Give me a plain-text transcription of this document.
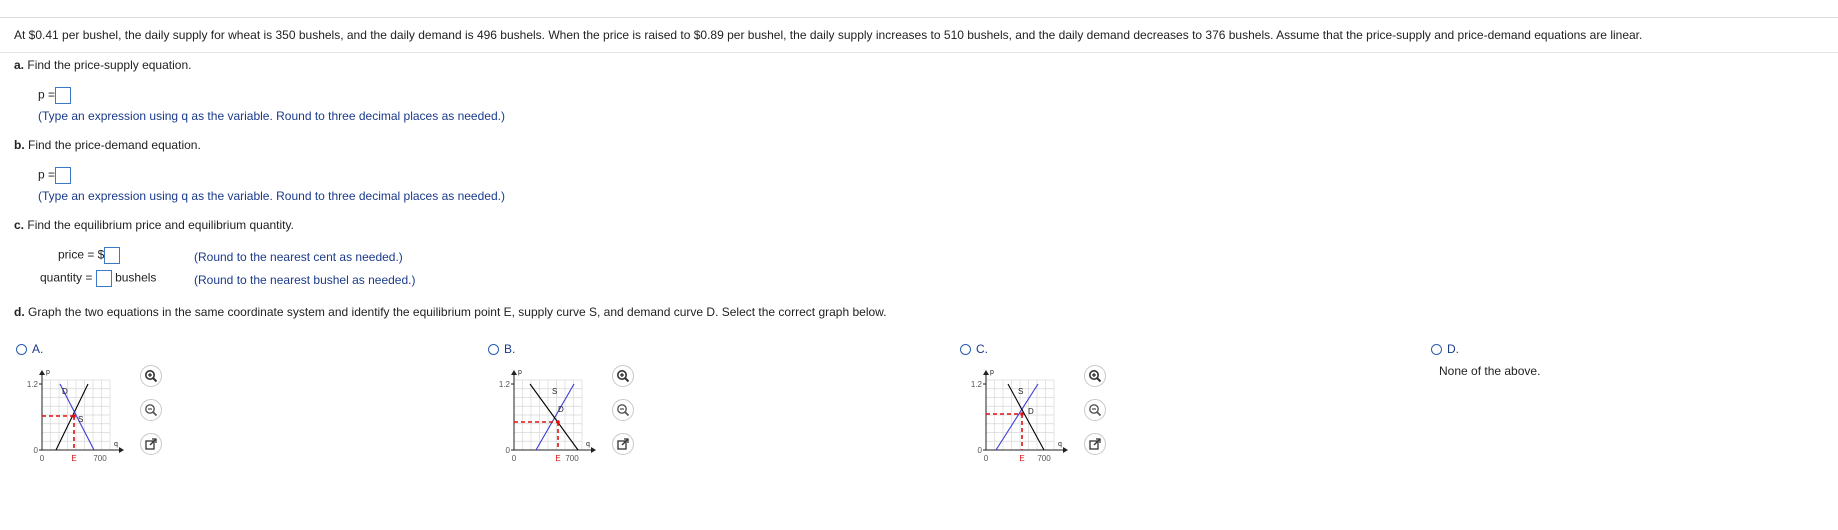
At $0.41 per bushel, the daily supply for wheat is 350 bushels, and the daily demand is 496 bushels. When the price is raised to $0.89 per bushel, the daily supply increases to 510 bushels, and the daily demand decreases to 376 bushels. Assume that the price-supply and price-demand equations are linear.
a. Find the price-supply equation.
p =
(Type an expression using q as the variable. Round to three decimal places as needed.)
b. Find the price-demand equation.
p =
(Type an expression using q as the variable. Round to three decimal places as needed.)
c. Find the equilibrium price and equilibrium quantity.
price = $	(Round to the nearest cent as needed.)
quantity = bushels	(Round to the nearest bushel as needed.)
d. Graph the two equations in the same coordinate system and identify the equilibrium point E, supply curve S, and demand curve D. Select the correct graph below.
A.	B.	C.	D.
None of the above.
p
q
1.2
0
0	700
D
S
E
p
q
1.2
0
0	700
S
D
E
p
q
1.2
0
0	700
S
D
E
